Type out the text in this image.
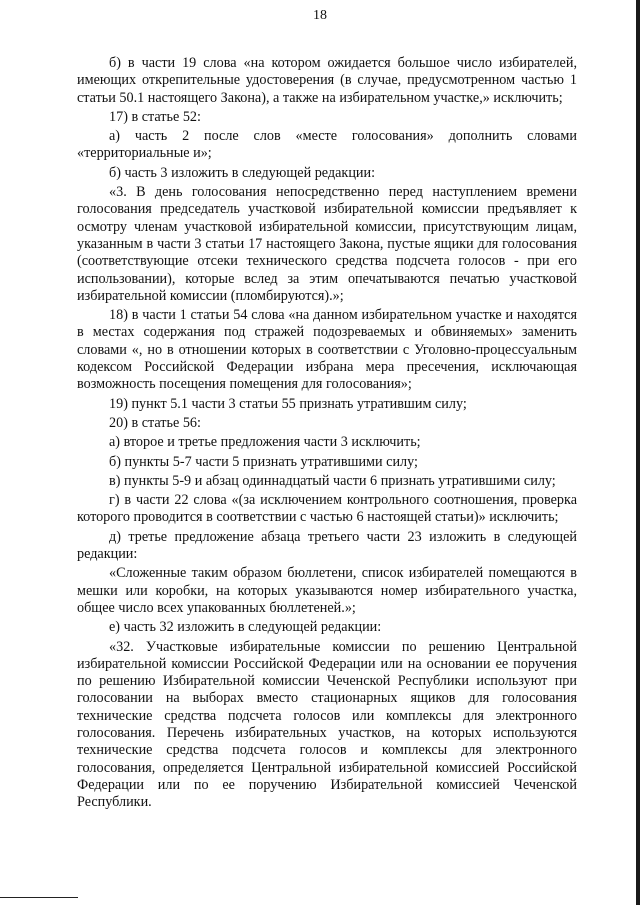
18

б) в части 19 слова «на котором ожидается большое число избирателей, имеющих открепительные удостоверения (в случае, предусмотренном частью 1 статьи 50.1 настоящего Закона), а также на избирательном участке,» исключить;

17) в статье 52:

а) часть 2 после слов «месте голосования» дополнить словами «территориальные и»;

б) часть 3 изложить в следующей редакции:

«3. В день голосования непосредственно перед наступлением времени голосования председатель участковой избирательной комиссии предъявляет к осмотру членам участковой избирательной комиссии, присутствующим лицам, указанным в части 3 статьи 17 настоящего Закона, пустые ящики для голосования (соответствующие отсеки технического средства подсчета голосов - при его использовании), которые вслед за этим опечатываются печатью участковой избирательной комиссии (пломбируются).»;

18) в части 1 статьи 54 слова «на данном избирательном участке и находятся в местах содержания под стражей подозреваемых и обвиняемых» заменить словами «, но в отношении которых в соответствии с Уголовно-процессуальным кодексом Российской Федерации избрана мера пресечения, исключающая возможность посещения помещения для голосования»;

19) пункт 5.1 части 3 статьи 55 признать утратившим силу;

20) в статье 56:

а) второе и третье предложения части 3 исключить;

б) пункты 5-7 части 5 признать утратившими силу;

в) пункты 5-9 и абзац одиннадцатый части 6 признать утратившими силу;

г) в части 22 слова «(за исключением контрольного соотношения, проверка которого проводится в соответствии с частью 6 настоящей статьи)» исключить;

д) третье предложение абзаца третьего части 23 изложить в следующей редакции:

«Сложенные таким образом бюллетени, список избирателей помещаются в мешки или коробки, на которых указываются номер избирательного участка, общее число всех упакованных бюллетеней.»;

е) часть 32 изложить в следующей редакции:

«32. Участковые избирательные комиссии по решению Центральной избирательной комиссии Российской Федерации или на основании ее поручения по решению Избирательной комиссии Чеченской Республики используют при голосовании на выборах вместо стационарных ящиков для голосования технические средства подсчета голосов или комплексы для электронного голосования. Перечень избирательных участков, на которых используются технические средства подсчета голосов и комплексы для электронного голосования, определяется Центральной избирательной комиссией Российской Федерации или по ее поручению Избирательной комиссией Чеченской Республики.
